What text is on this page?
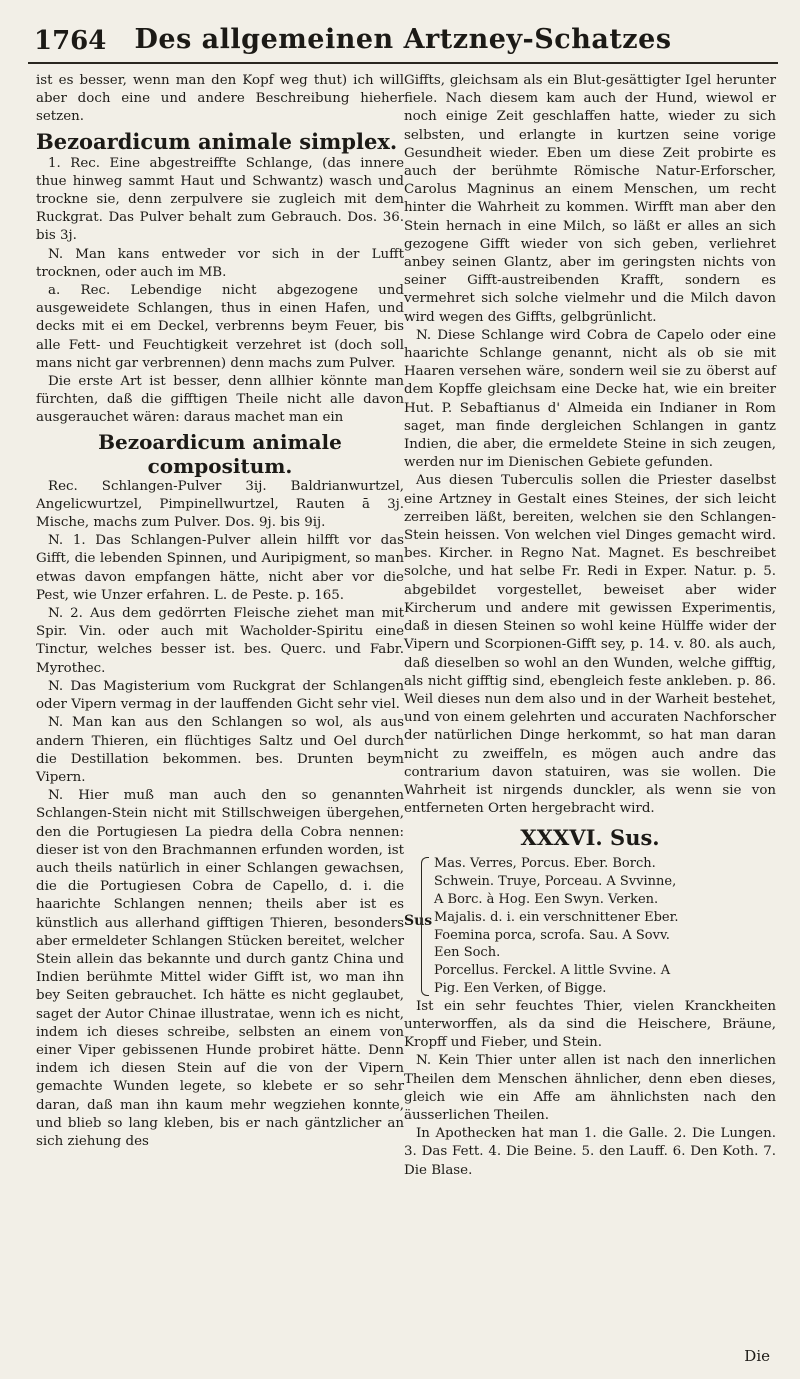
1764	Des allgemeinen Artzney-Schatzes

ist es besser, wenn man den Kopf weg thut) ich will aber doch eine und andere Beschreibung hieher setzen.

Bezoardicum animale simplex.

1. Rec. Eine abgestreiffte Schlange, (das innere thue hinweg sammt Haut und Schwantz) wasch und trockne sie, denn zerpulvere sie zugleich mit dem Ruckgrat. Das Pulver behalt zum Gebrauch. Dos. 36. bis 3j.

N. Man kans entweder vor sich in der Lufft trocknen, oder auch im MB.

a. Rec. Lebendige nicht abgezogene und ausgeweidete Schlangen, thus in einen Hafen, und decks mit ei em Deckel, verbrenns beym Feuer, bis alle Fett- und Feuchtigkeit verzehret ist (doch soll mans nicht gar verbrennen) denn machs zum Pulver.

Die erste Art ist besser, denn allhier könnte man fürchten, daß die gifftigen Theile nicht alle davon ausgerauchet wären: daraus machet man ein

Bezoardicum animale compositum.

Rec. Schlangen-Pulver 3ij. Baldrianwurtzel, Angelicwurtzel, Pimpinellwurtzel, Rauten ā 3j. Mische, machs zum Pulver. Dos. 9j. bis 9ij.

N. 1. Das Schlangen-Pulver allein hilfft vor das Gifft, die lebenden Spinnen, und Auripigment, so man etwas davon empfangen hätte, nicht aber vor die Pest, wie Unzer erfahren. L. de Peste. p. 165.

N. 2. Aus dem gedörrten Fleische ziehet man mit Spir. Vin. oder auch mit Wacholder-Spiritu eine Tinctur, welches besser ist. bes. Querc. und Fabr. Myrothec.

N. Das Magisterium vom Ruckgrat der Schlangen oder Vipern vermag in der lauffenden Gicht sehr viel.

N. Man kan aus den Schlangen so wol, als aus andern Thieren, ein flüchtiges Saltz und Oel durch die Destillation bekommen. bes. Drunten beym Vipern.

N. Hier muß man auch den so genannten Schlangen-Stein nicht mit Stillschweigen übergehen, den die Portugiesen La piedra della Cobra nennen: dieser ist von den Brachmannen erfunden worden, ist auch theils natürlich in einer Schlangen gewachsen, die die Portugiesen Cobra de Capello, d. i. die haarichte Schlangen nennen; theils aber ist es künstlich aus allerhand gifftigen Thieren, besonders aber ermeldeter Schlangen Stücken bereitet, welcher Stein allein das bekannte und durch gantz China und Indien berühmte Mittel wider Gifft ist, wo man ihn bey Seiten gebrauchet. Ich hätte es nicht geglaubet, saget der Autor Chinae illustratae, wenn ich es nicht, indem ich dieses schreibe, selbsten an einem von einer Viper gebissenen Hunde probiret hätte. Denn indem ich diesen Stein auf die von der Vipern gemachte Wunden legete, so klebete er so sehr daran, daß man ihn kaum mehr wegziehen konnte, und blieb so lang kleben, bis er nach gäntzlicher an sich ziehung des

Giffts, gleichsam als ein Blut-gesättigter Igel herunter fiele. Nach diesem kam auch der Hund, wiewol er noch einige Zeit geschlaffen hatte, wieder zu sich selbsten, und erlangte in kurtzen seine vorige Gesundheit wieder. Eben um diese Zeit probirte es auch der berühmte Römische Natur-Erforscher, Carolus Magninus an einem Menschen, um recht hinter die Wahrheit zu kommen. Wirfft man aber den Stein hernach in eine Milch, so läßt er alles an sich gezogene Gifft wieder von sich geben, verliehret anbey seinen Glantz, aber im geringsten nichts von seiner Gifft-austreibenden Krafft, sondern es vermehret sich solche vielmehr und die Milch davon wird wegen des Giffts, gelbgrünlicht.

N. Diese Schlange wird Cobra de Capelo oder eine haarichte Schlange genannt, nicht als ob sie mit Haaren versehen wäre, sondern weil sie zu öberst auf dem Kopffe gleichsam eine Decke hat, wie ein breiter Hut. P. Sebaftianus d' Almeida ein Indianer in Rom saget, man finde dergleichen Schlangen in gantz Indien, die aber, die ermeldete Steine in sich zeugen, werden nur im Dienischen Gebiete gefunden.

Aus diesen Tuberculis sollen die Priester daselbst eine Artzney in Gestalt eines Steines, der sich leicht zerreiben läßt, bereiten, welchen sie den Schlangen-Stein heissen. Von welchen viel Dinges gemacht wird. bes. Kircher. in Regno Nat. Magnet. Es beschreibet solche, und hat selbe Fr. Redi in Exper. Natur. p. 5. abgebildet vorgestellet, beweiset aber wider Kircherum und andere mit gewissen Experimentis, daß in diesen Steinen so wohl keine Hülffe wider der Vipern und Scorpionen-Gifft sey, p. 14. v. 80. als auch, daß dieselben so wohl an den Wunden, welche gifftig, als nicht gifftig sind, ebengleich feste ankleben. p. 86. Weil dieses nun dem also und in der Warheit bestehet, und von einem gelehrten und accuraten Nachforscher der natürlichen Dinge herkommt, so hat man daran nicht zu zweiffeln, es mögen auch andre das contrarium davon statuiren, was sie wollen. Die Wahrheit ist nirgends dunckler, als wenn sie von entferneten Orten hergebracht wird.

XXXVI. Sus.
Sus
Mas. Verres, Porcus. Eber. Borch.
Schwein. Truye, Porceau. A Svvinne,
A Borc. à Hog. Een Swyn. Verken.
Majalis. d. i. ein verschnittener Eber.
Foemina porca, scrofa. Sau. A Sovv.
Een Soch.
Porcellus. Ferckel. A little Svvine. A
Pig. Een Verken, of Bigge.

Ist ein sehr feuchtes Thier, vielen Kranckheiten unterworffen, als da sind die Heischere, Bräune, Kropff und Fieber, und Stein.

N. Kein Thier unter allen ist nach den innerlichen Theilen dem Menschen ähnlicher, denn eben dieses, gleich wie ein Affe am ähnlichsten nach den äusserlichen Theilen.

In Apothecken hat man 1. die Galle. 2. Die Lungen. 3. Das Fett. 4. Die Beine. 5. den Lauff. 6. Den Koth. 7. Die Blase.

Die
